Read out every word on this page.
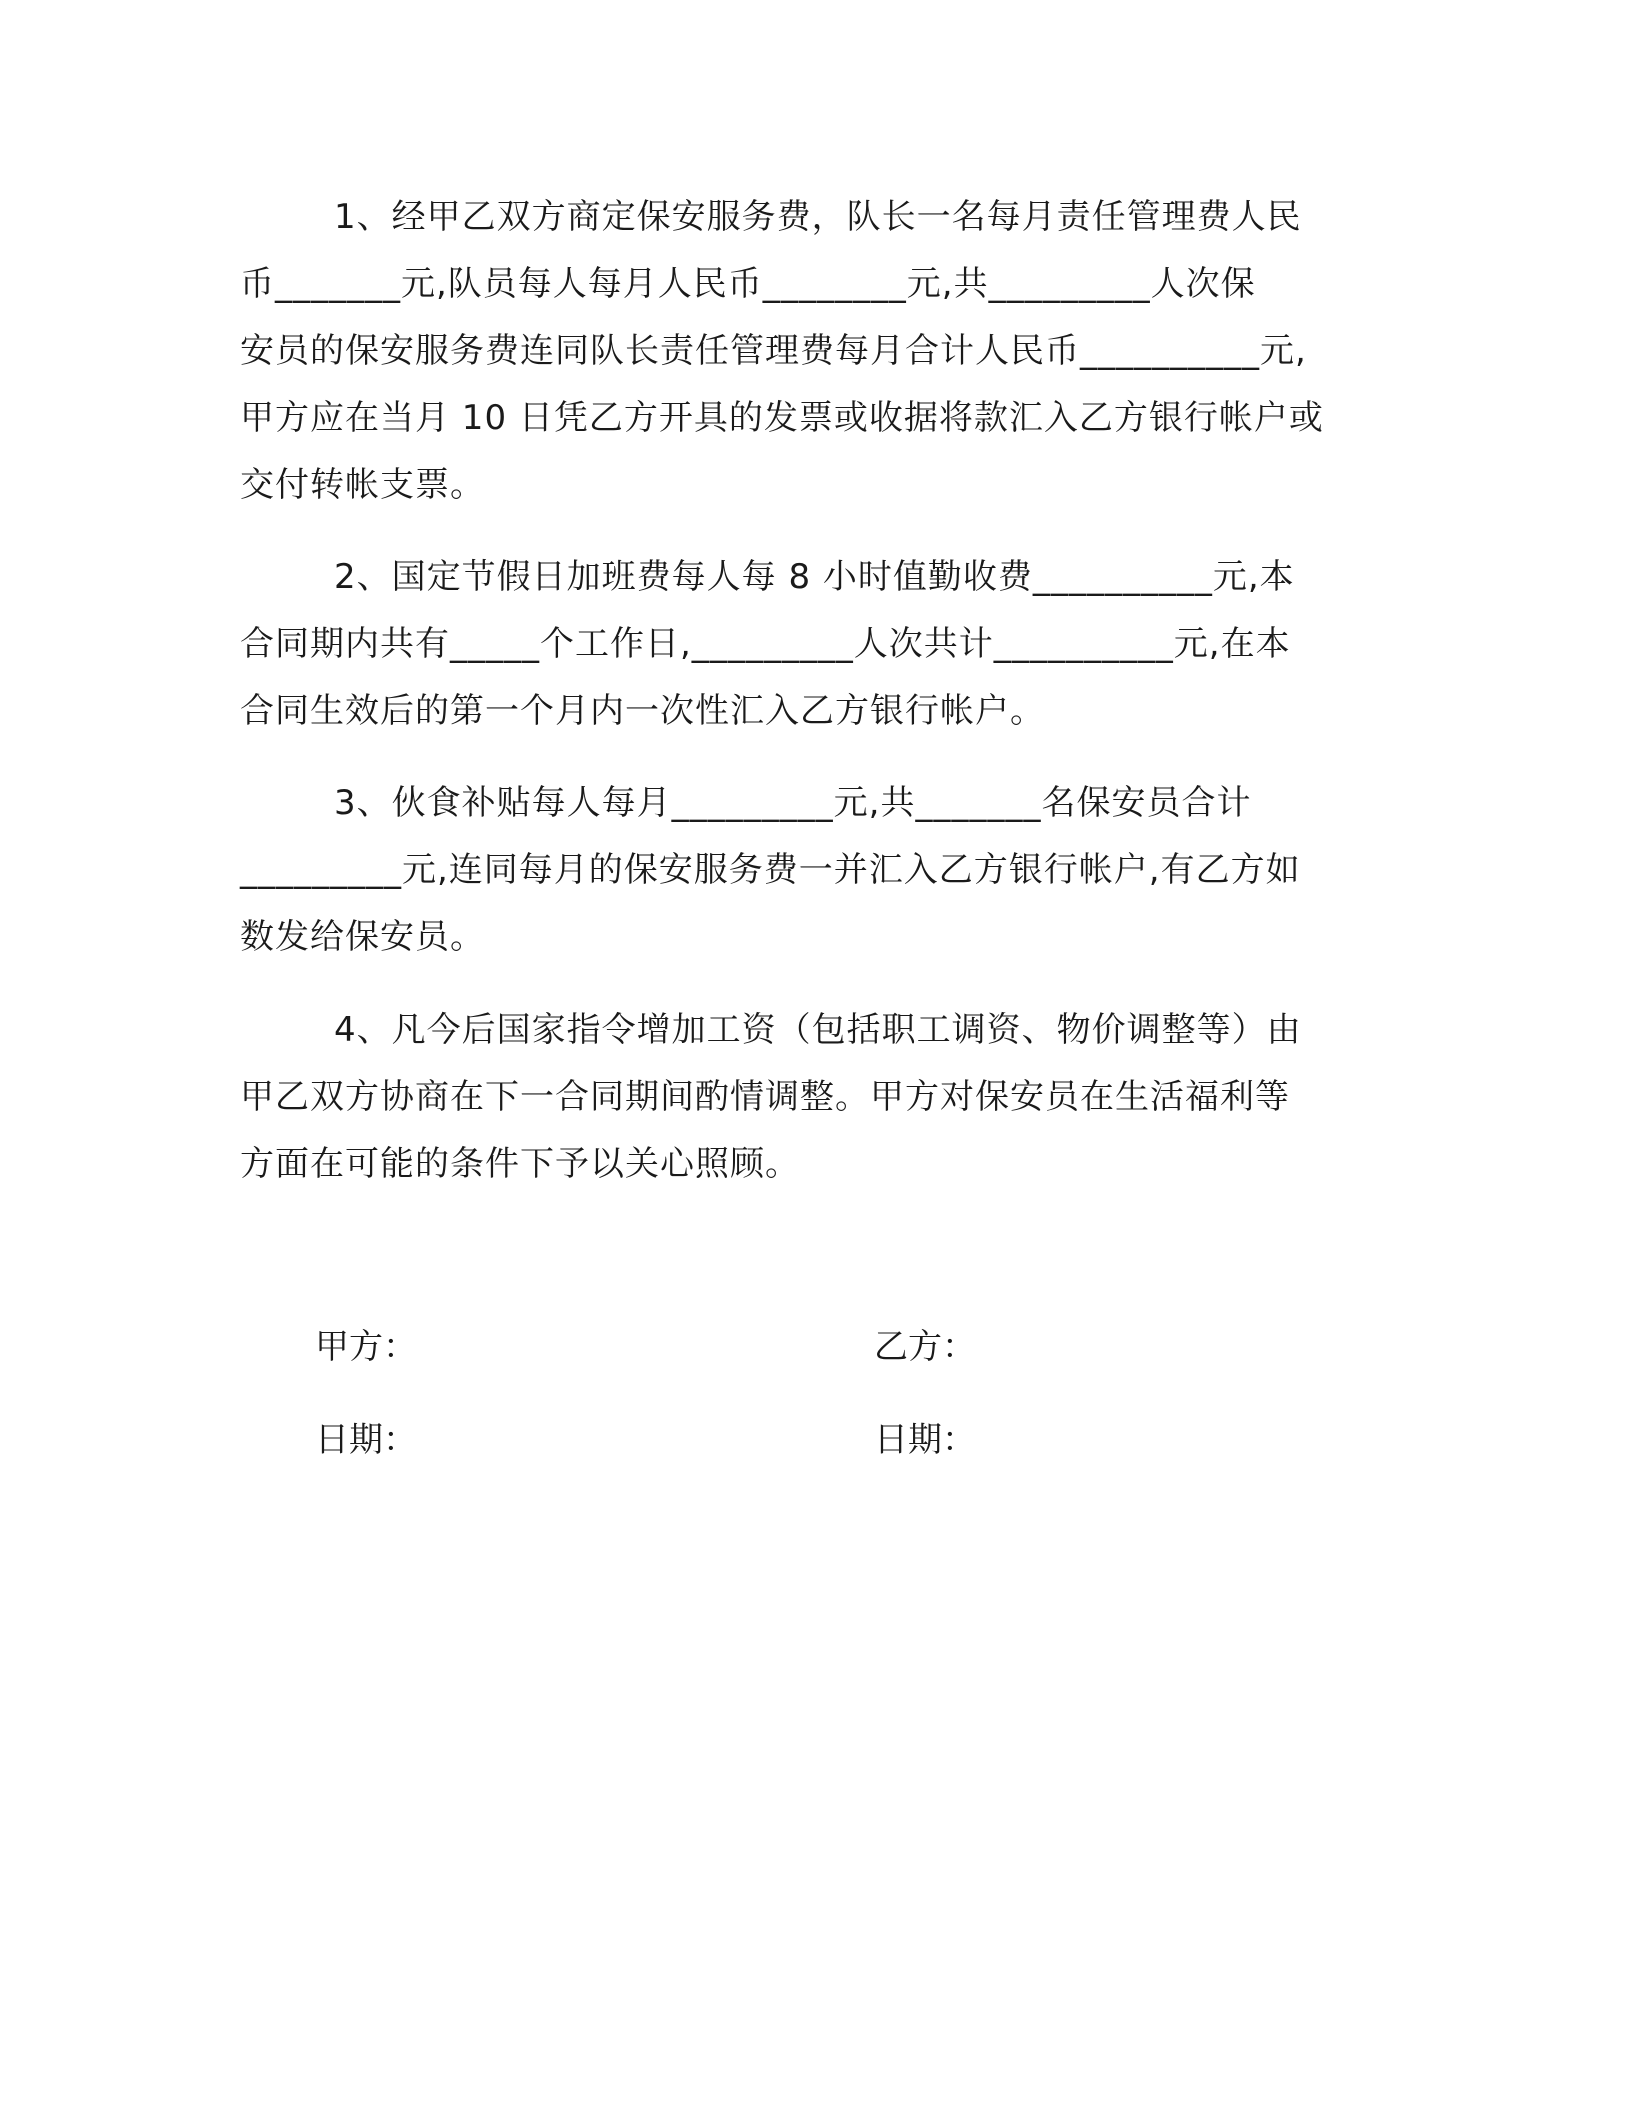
1、经甲乙双方商定保安服务费，队长一名每月责任管理费人民
币_______元,队员每人每月人民币________元,共_________人次保
安员的保安服务费连同队长责任管理费每月合计人民币__________元,
甲方应在当月 10 日凭乙方开具的发票或收据将款汇入乙方银行帐户或
交付转帐支票。
2、国定节假日加班费每人每 8 小时值勤收费__________元,本
合同期内共有_____个工作日,_________人次共计__________元,在本
合同生效后的第一个月内一次性汇入乙方银行帐户。
3、伙食补贴每人每月_________元,共_______名保安员合计
_________元,连同每月的保安服务费一并汇入乙方银行帐户,有乙方如
数发给保安员。
4、凡今后国家指令增加工资（包括职工调资、物价调整等）由
甲乙双方协商在下一合同期间酌情调整。甲方对保安员在生活福利等
方面在可能的条件下予以关心照顾。
甲方：	乙方：
日期：	日期：
